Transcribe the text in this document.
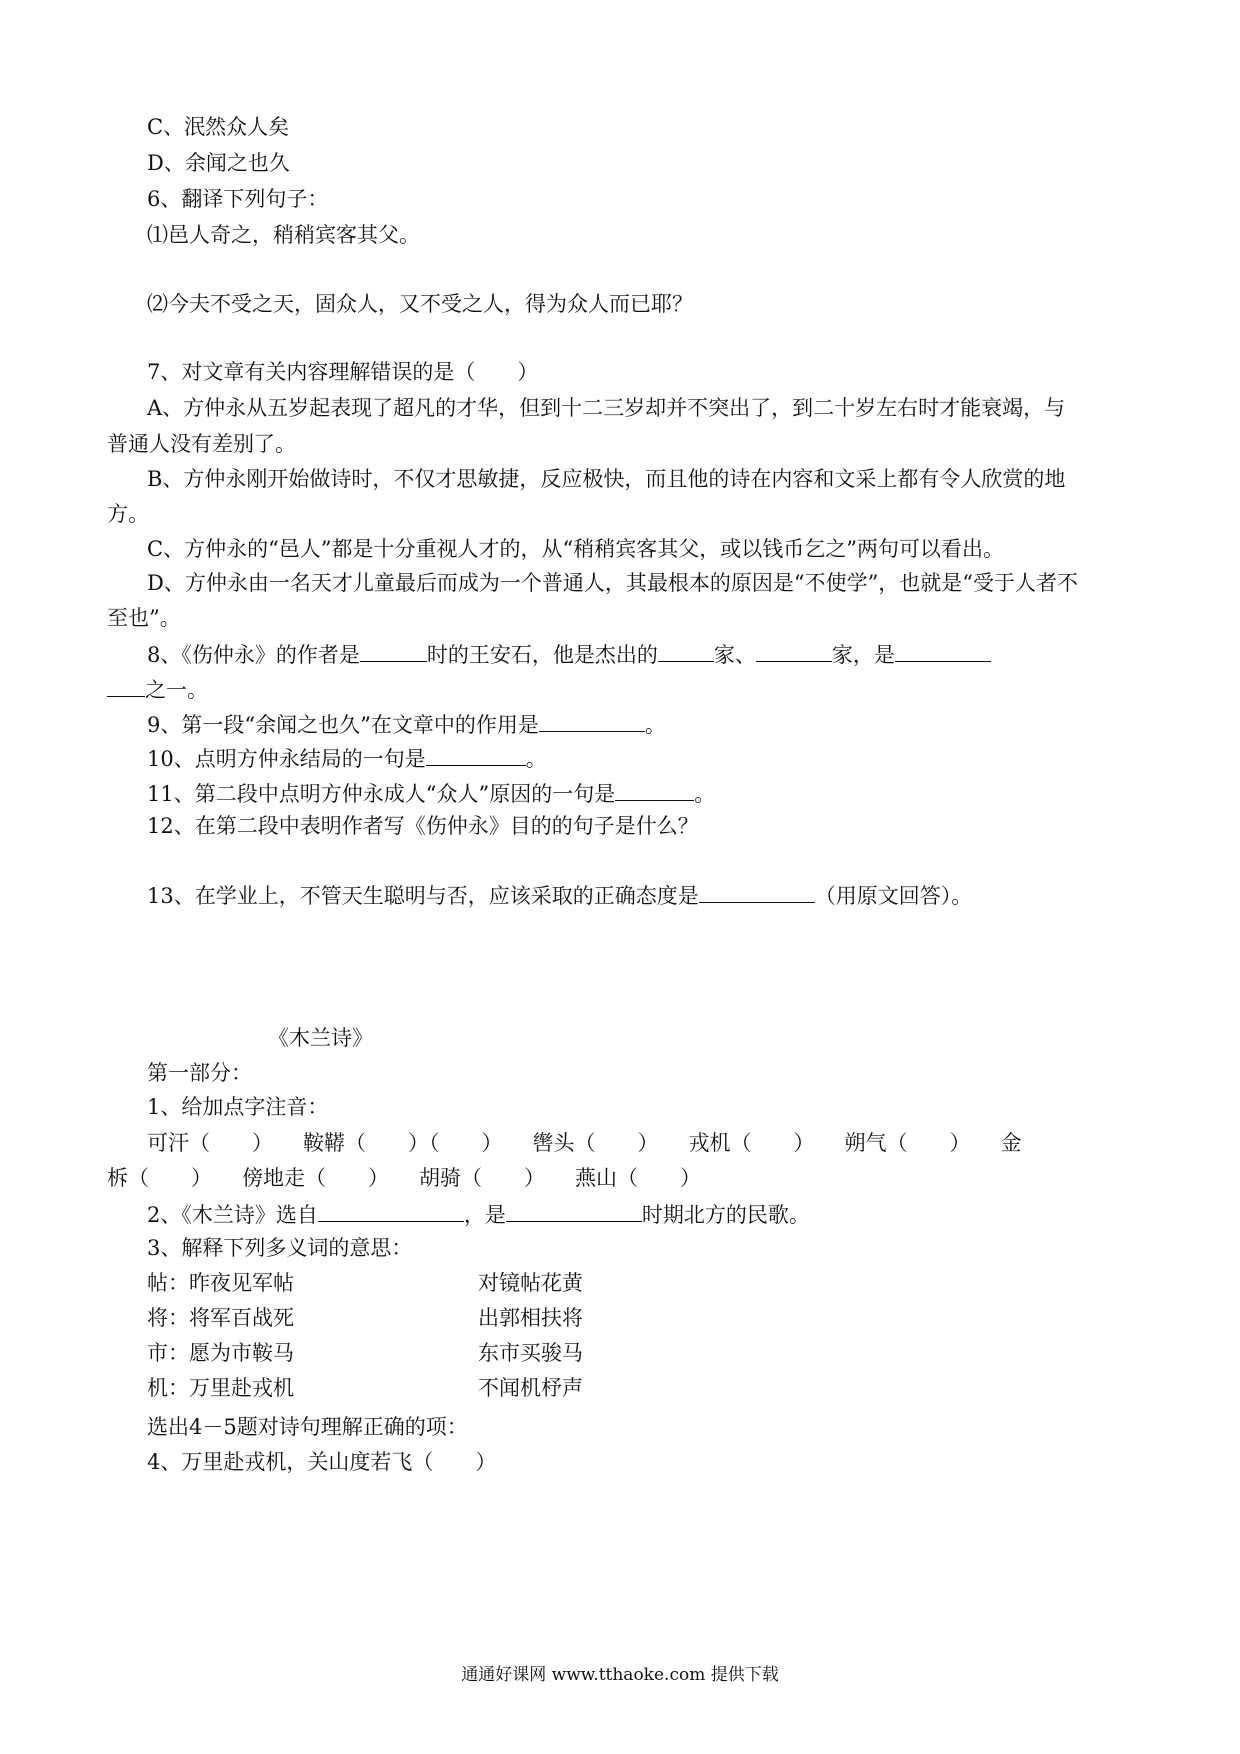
C、泯然众人矣
D、余闻之也久
6、翻译下列句子：
⑴邑人奇之，稍稍宾客其父。
⑵今夫不受之天，固众人，又不受之人，得为众人而已耶？
7、对文章有关内容理解错误的是（　　）
A、方仲永从五岁起表现了超凡的才华，但到十二三岁却并不突出了，到二十岁左右时才能衰竭，与
普通人没有差别了。
B、方仲永刚开始做诗时，不仅才思敏捷，反应极快，而且他的诗在内容和文采上都有令人欣赏的地
方。
C、方仲永的“邑人”都是十分重视人才的，从“稍稍宾客其父，或以钱币乞之”两句可以看出。
D、方仲永由一名天才儿童最后而成为一个普通人，其最根本的原因是“不使学”，也就是“受于人者不
至也”。
8、《伤仲永》的作者是	时的王安石，他是杰出的	家、	家，是
之一。
9、第一段“余闻之也久”在文章中的作用是	。
10、点明方仲永结局的一句是	。
11、第二段中点明方仲永成人“众人”原因的一句是	。
12、在第二段中表明作者写《伤仲永》目的的句子是什么？
13、在学业上，不管天生聪明与否，应该采取的正确态度是	（用原文回答）。
《木兰诗》
第一部分：
1、给加点字注音：
可汗（　　） 鞍鞯（　　）（　　） 辔头（　　） 戎机（　　） 朔气（　　） 金
柝（　　） 傍地走（　　） 胡骑（　　） 燕山（　　）
2、《木兰诗》选自	，是	时期北方的民歌。
3、解释下列多义词的意思：
帖：昨夜见军帖	对镜帖花黄
将：将军百战死	出郭相扶将
市：愿为市鞍马	东市买骏马
机：万里赴戎机	不闻机杼声
选出4－5题对诗句理解正确的项：
4、万里赴戎机，关山度若飞（　　）
通通好课网 www.tthaoke.com 提供下载
